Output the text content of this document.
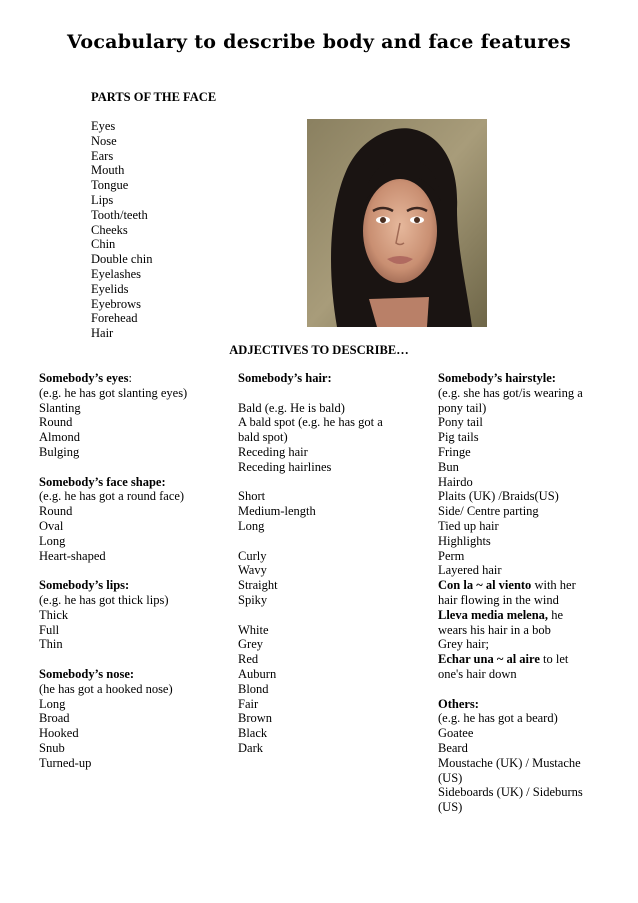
Vocabulary to describe body and face features
PARTS OF THE FACE
Eyes
Nose
Ears
Mouth
Tongue
Lips
Tooth/teeth
Cheeks
Chin
Double chin
Eyelashes
Eyelids
Eyebrows
Forehead
Hair
ADJECTIVES TO DESCRIBE…
Somebody’s eyes:
(e.g. he has got slanting eyes)
Slanting
Round
Almond
Bulging
Somebody’s face shape:
(e.g. he has got a round face)
Round
Oval
Long
Heart-shaped
Somebody’s lips:
(e.g. he has got thick lips)
Thick
Full
Thin
Somebody’s nose:
(he has got a hooked nose)
Long
Broad
Hooked
Snub
Turned-up
Somebody’s hair:
Bald (e.g. He is bald)
A bald spot (e.g. he has got a
bald spot)
Receding hair
Receding hairlines
Short
Medium-length
Long
Curly
Wavy
Straight
Spiky
White
Grey
Red
Auburn
Blond
Fair
Brown
Black
Dark
Somebody’s hairstyle:
(e.g. she has got/is wearing a
pony tail)
Pony tail
Pig tails
Fringe
Bun
Hairdo
Plaits (UK) /Braids(US)
Side/ Centre parting
Tied up hair
Highlights
Perm
Layered hair
Con la ~ al viento with her
hair flowing in the wind
Lleva media melena, he
wears his hair in a bob
Grey hair;
Echar una ~ al aire to let
one's hair down
Others:
(e.g. he has got a beard)
Goatee
Beard
Moustache (UK) / Mustache
(US)
Sideboards (UK) / Sideburns
(US)
